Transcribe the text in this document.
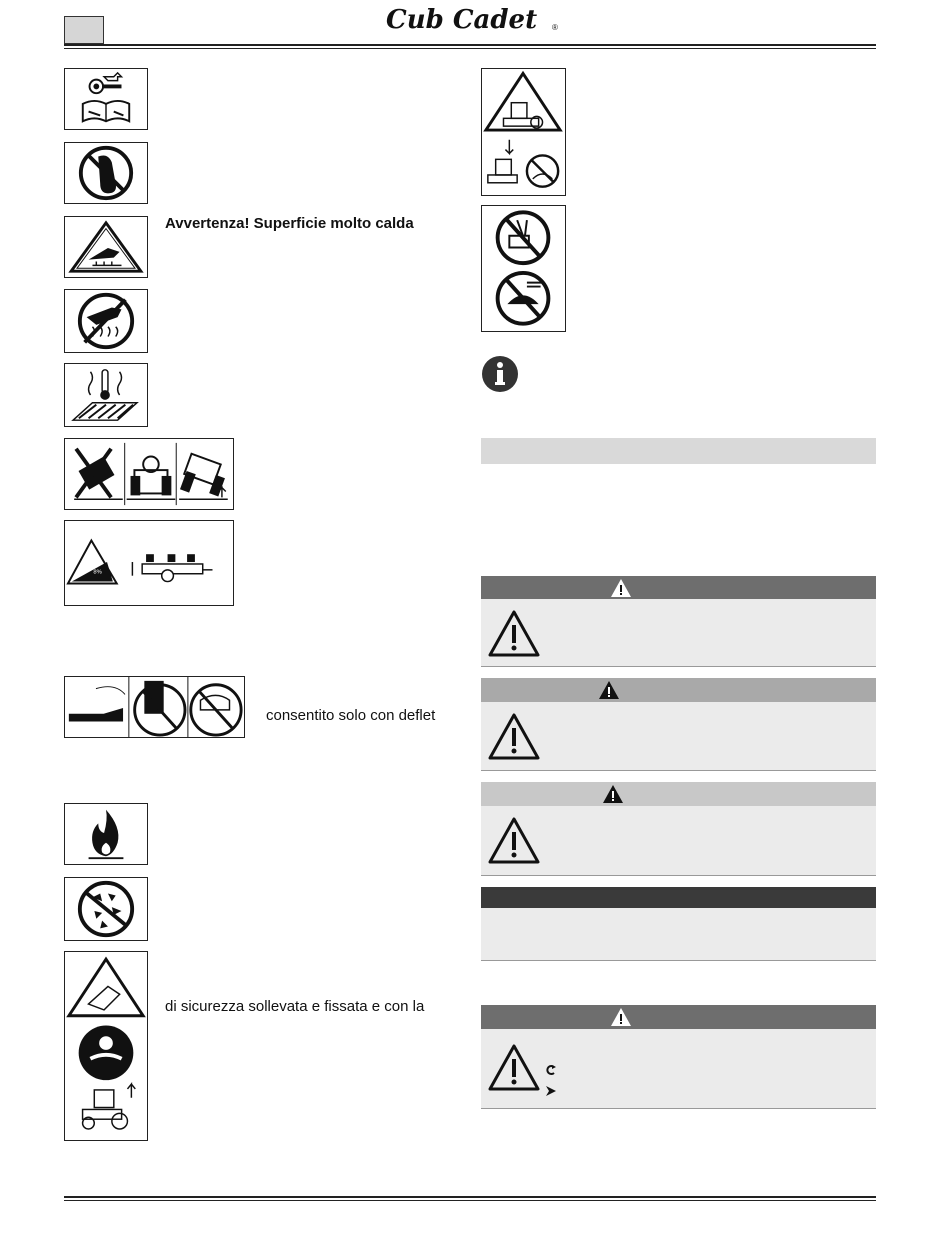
Cub Cadet ®
Avvertenza! Superficie molto calda
8%
consentito solo con deflet
di sicurezza sollevata e fissata e con la
